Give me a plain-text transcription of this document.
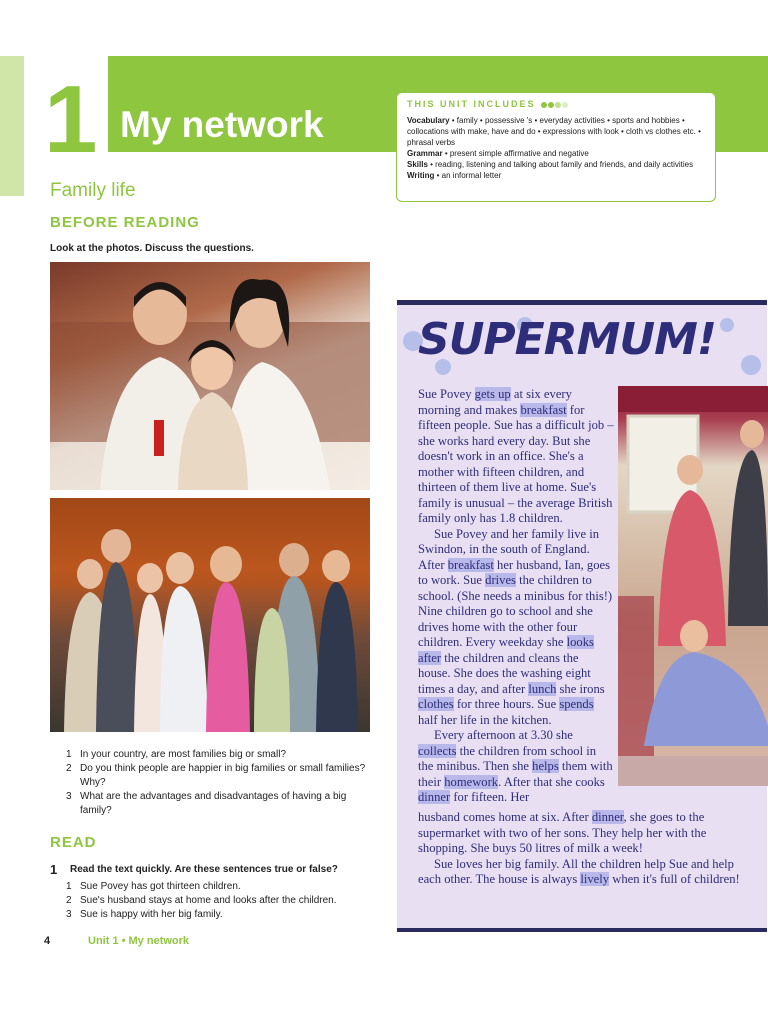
1 My network
Family life
THIS UNIT INCLUDES
Vocabulary • family • possessive 's • everyday activities • sports and hobbies • collocations with make, have and do • expressions with look • cloth vs clothes etc. • phrasal verbs
Grammar • present simple affirmative and negative
Skills • reading, listening and talking about family and friends, and daily activities
Writing • an informal letter
BEFORE READING
Look at the photos. Discuss the questions.
1 In your country, are most families big or small?
2 Do you think people are happier in big families or small families? Why?
3 What are the advantages and disadvantages of having a big family?
READ
1 Read the text quickly. Are these sentences true or false?
1 Sue Povey has got thirteen children.
2 Sue's husband stays at home and looks after the children.
3 Sue is happy with her big family.
4	Unit 1 • My network
SUPERMUM!

Sue Povey gets up at six every morning and makes breakfast for fifteen people. Sue has a difficult job – she works hard every day. But she doesn't work in an office. She's a mother with fifteen children, and thirteen of them live at home. Sue's family is unusual – the average British family only has 1.8 children.

Sue Povey and her family live in Swindon, in the south of England. After breakfast her husband, Ian, goes to work. Sue drives the children to school. (She needs a minibus for this!) Nine children go to school and she drives home with the other four children. Every weekday she looks after the children and cleans the house. She does the washing eight times a day, and after lunch she irons clothes for three hours. Sue spends half her life in the kitchen.

Every afternoon at 3.30 she collects the children from school in the minibus. Then she helps them with their homework. After that she cooks dinner for fifteen. Her

husband comes home at six. After dinner, she goes to the supermarket with two of her sons. They help her with the shopping. She buys 50 litres of milk a week!

Sue loves her big family. All the children help Sue and help each other. The house is always lively when it's full of children!
